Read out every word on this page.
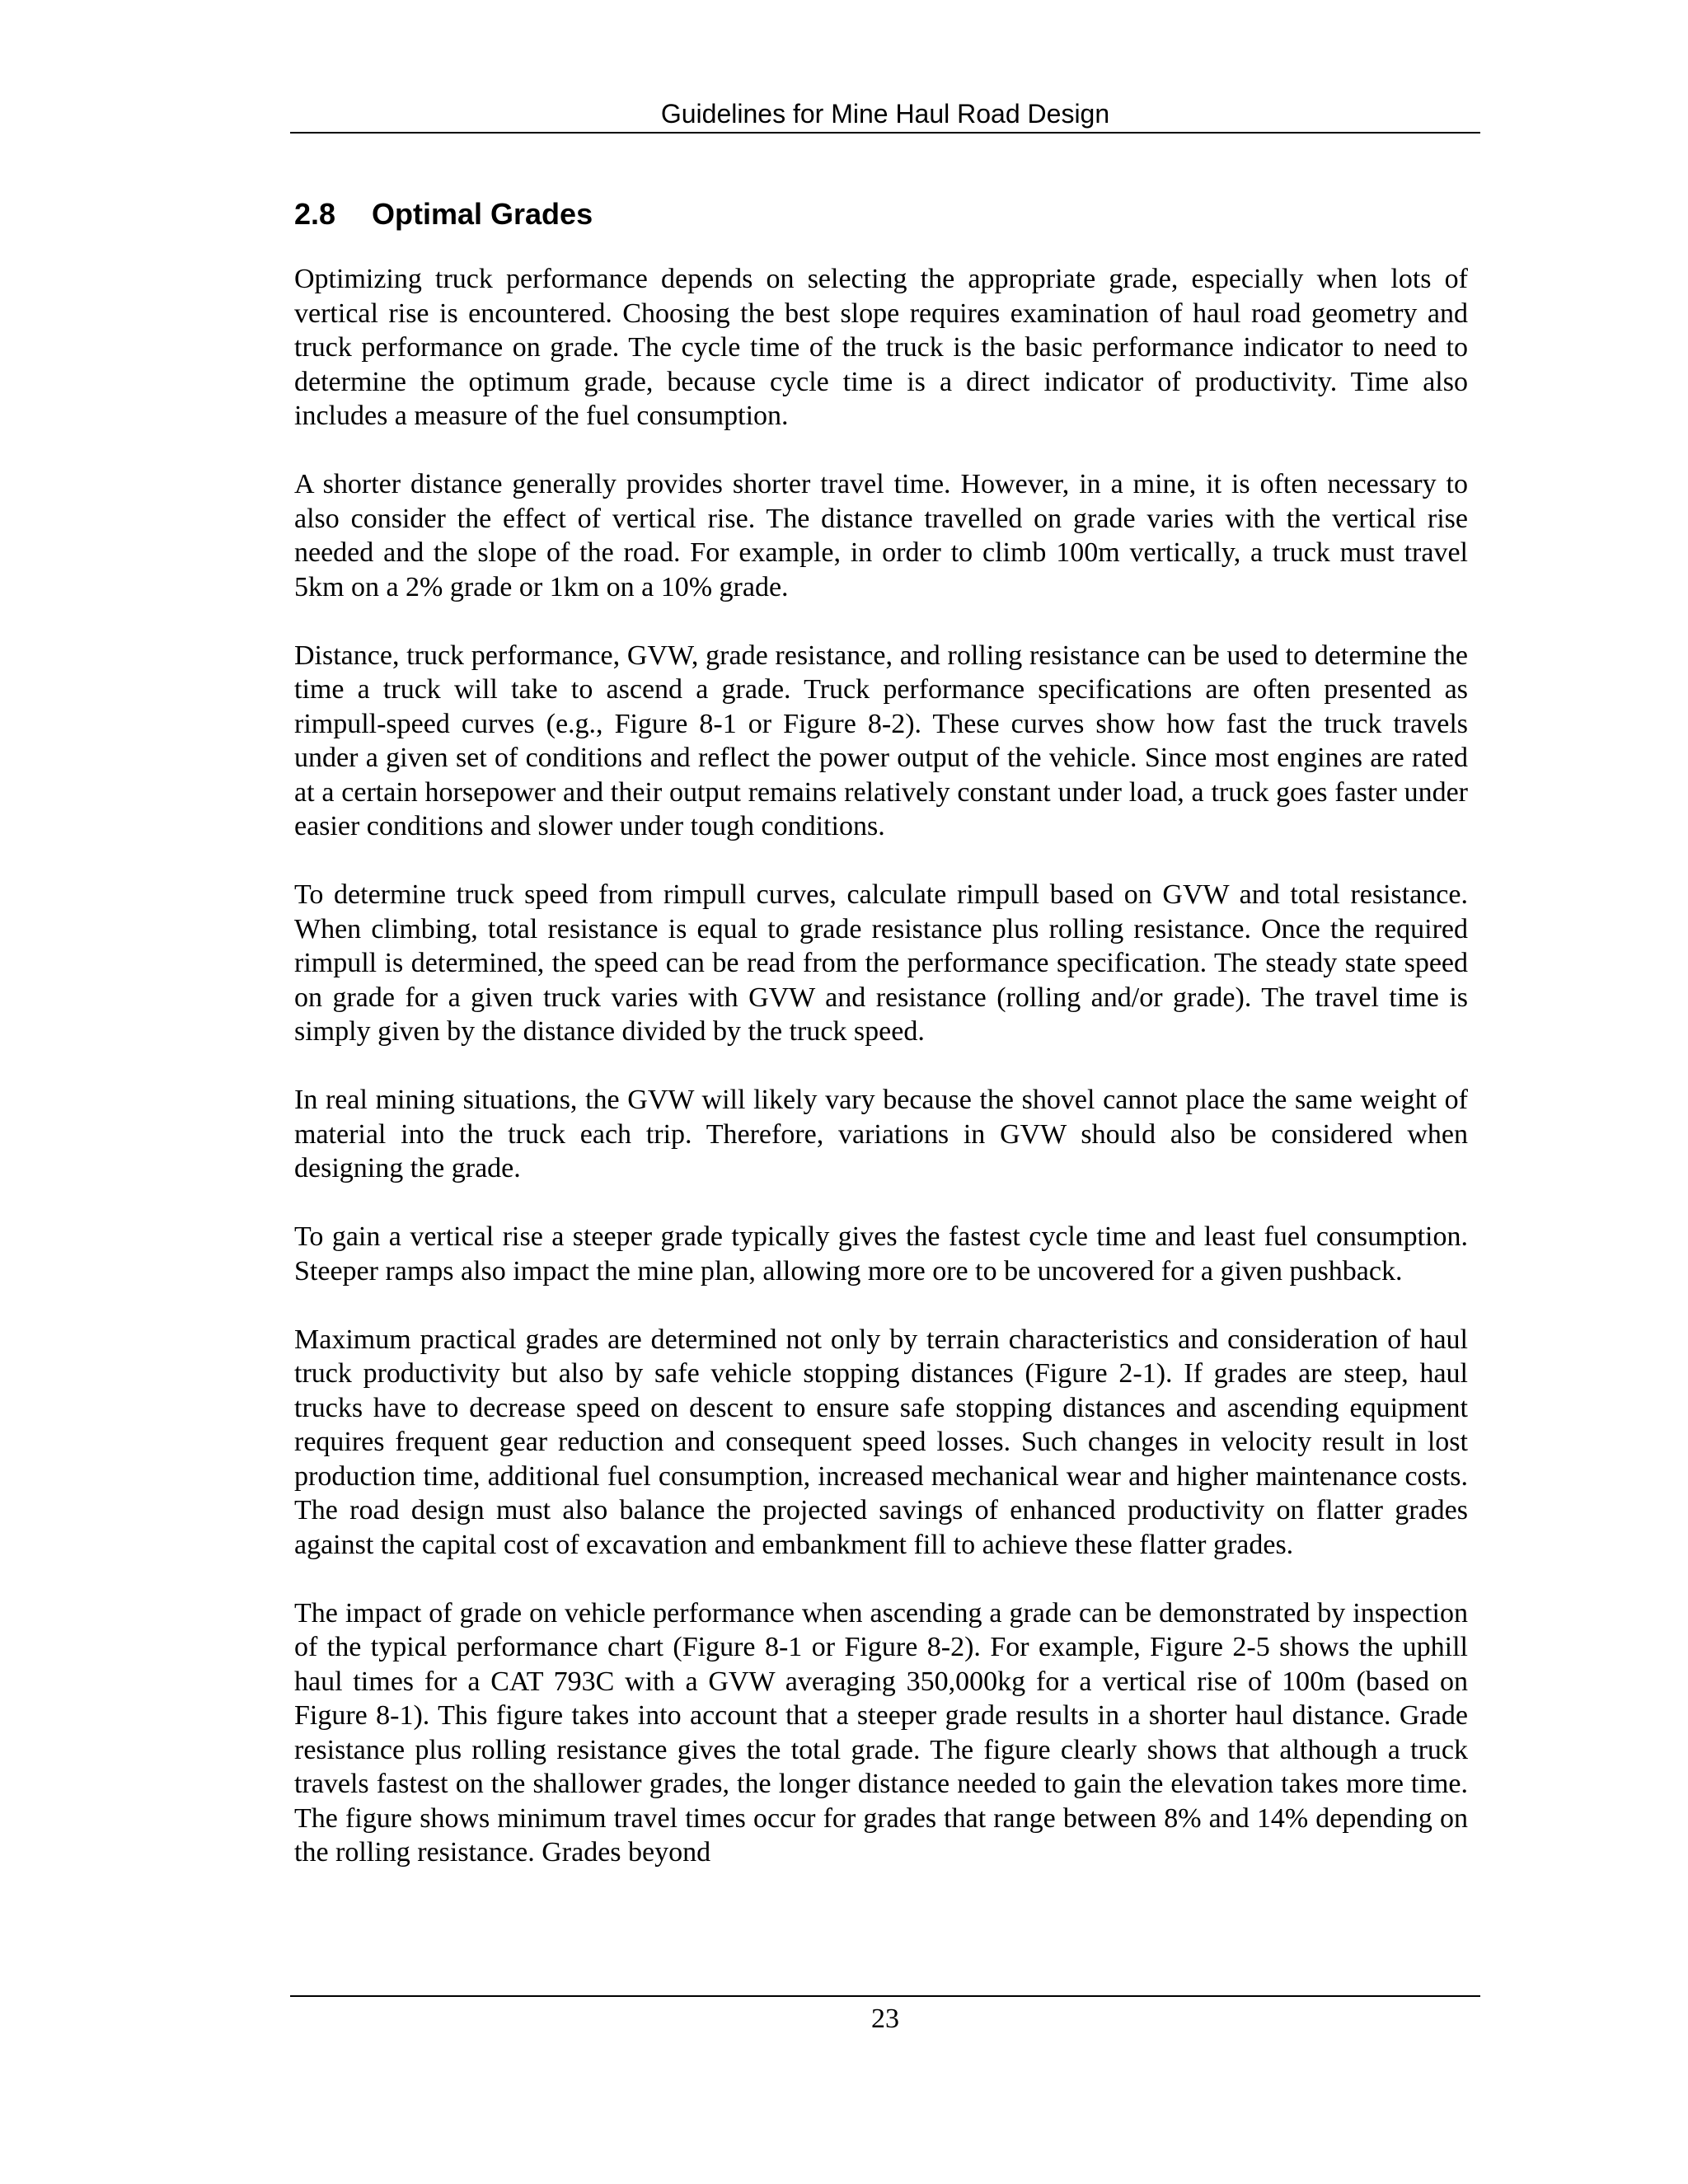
Guidelines for Mine Haul Road Design
2.8 Optimal Grades

Optimizing truck performance depends on selecting the appropriate grade, especially when lots of vertical rise is encountered. Choosing the best slope requires examination of haul road geometry and truck performance on grade. The cycle time of the truck is the basic performance indicator to need to determine the optimum grade, because cycle time is a direct indicator of productivity. Time also includes a measure of the fuel consumption.

A shorter distance generally provides shorter travel time. However, in a mine, it is often necessary to also consider the effect of vertical rise. The distance travelled on grade varies with the vertical rise needed and the slope of the road. For example, in order to climb 100m vertically, a truck must travel 5km on a 2% grade or 1km on a 10% grade.

Distance, truck performance, GVW, grade resistance, and rolling resistance can be used to determine the time a truck will take to ascend a grade. Truck performance specifications are often presented as rimpull-speed curves (e.g., Figure 8-1 or Figure 8-2). These curves show how fast the truck travels under a given set of conditions and reflect the power output of the vehicle. Since most engines are rated at a certain horsepower and their output remains relatively constant under load, a truck goes faster under easier conditions and slower under tough conditions.

To determine truck speed from rimpull curves, calculate rimpull based on GVW and total resistance. When climbing, total resistance is equal to grade resistance plus rolling resistance. Once the required rimpull is determined, the speed can be read from the performance specification. The steady state speed on grade for a given truck varies with GVW and resistance (rolling and/or grade). The travel time is simply given by the distance divided by the truck speed.

In real mining situations, the GVW will likely vary because the shovel cannot place the same weight of material into the truck each trip. Therefore, variations in GVW should also be considered when designing the grade.

To gain a vertical rise a steeper grade typically gives the fastest cycle time and least fuel consumption. Steeper ramps also impact the mine plan, allowing more ore to be uncovered for a given pushback.

Maximum practical grades are determined not only by terrain characteristics and consideration of haul truck productivity but also by safe vehicle stopping distances (Figure 2-1). If grades are steep, haul trucks have to decrease speed on descent to ensure safe stopping distances and ascending equipment requires frequent gear reduction and consequent speed losses. Such changes in velocity result in lost production time, additional fuel consumption, increased mechanical wear and higher maintenance costs. The road design must also balance the projected savings of enhanced productivity on flatter grades against the capital cost of excavation and embankment fill to achieve these flatter grades.

The impact of grade on vehicle performance when ascending a grade can be demonstrated by inspection of the typical performance chart (Figure 8-1 or Figure 8-2). For example, Figure 2-5 shows the uphill haul times for a CAT 793C with a GVW averaging 350,000kg for a vertical rise of 100m (based on Figure 8-1). This figure takes into account that a steeper grade results in a shorter haul distance. Grade resistance plus rolling resistance gives the total grade. The figure clearly shows that although a truck travels fastest on the shallower grades, the longer distance needed to gain the elevation takes more time. The figure shows minimum travel times occur for grades that range between 8% and 14% depending on the rolling resistance. Grades beyond

23
